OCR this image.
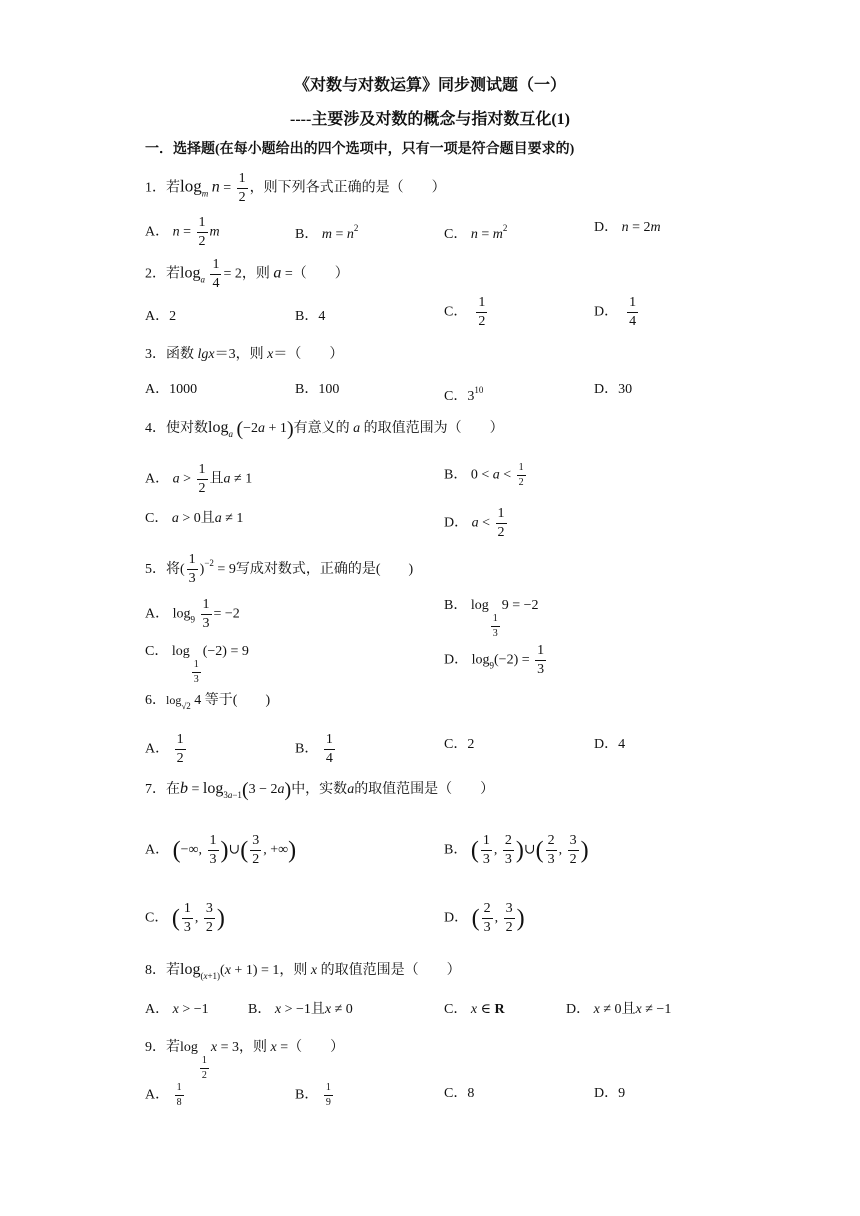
《对数与对数运算》同步测试题（一）
----主要涉及对数的概念与指对数互化(1)
一．选择题(在每小题给出的四个选项中，只有一项是符合题目要求的)
1．若$\log_m n = \frac{1}{2}$ ，则下列各式正确的是（　　）
A． $n = \frac{1}{2}$ m	B． $m = n^2$	C． $n = m^2$	D． n = 2m
2．若$\log_a \frac{1}{4} = 2$，则 a =（　　）
A．2	B．4	C． $\frac{1}{2}$	D． $\frac{1}{4}$
3．函数 lgx＝3，则 x＝（　　）
A．1000	B．100	C．$3^{10}$	D．30
4．使对数$\log_a (-2a + 1)$有意义的 a 的取值范围为（　　）
A． $a > \frac{1}{2}$ 且a ≠ 1	B． $0 < a < \frac{1}{2}$
C． a > 0且a ≠ 1	D． $a < \frac{1}{2}$
5．将( $\frac{1}{3} )^{-2} = 9$写成对数式，正确的是(　　)
A． $\log_9 \frac{1}{3} = -2$
B． log
$\frac{1}{3}$
9 = −2
C． log
$\frac{1}{3}$
(−2) = 9
D． $\log_9(-2) = \frac{1}{3}$
6．$\log_{√2} 4$ 等于(　　)
A． $\frac{1}{2}$	B． $\frac{1}{4}$	C．2	D．4
7．在$b = \log_{3a-1}(3 - 2a)$中，实数a的取值范围是（　　）
A． (−∞, $\frac{1}{3}$ )∪( $\frac{3}{2}$ , +∞)	B． ( $\frac{1}{3}$ , $\frac{2}{3}$ )∪( $\frac{2}{3}$ , $\frac{3}{2}$ )
C． ( $\frac{1}{3}$ , $\frac{3}{2}$ )	D． ( $\frac{2}{3}$ , $\frac{3}{2}$ )
8．若$\log_{(x+1)}(x + 1) = 1$，则 x 的取值范围是（　　）
A． x > −1	B． x > −1且x ≠ 0	C． x ∈ R	D． x ≠ 0且x ≠ −1
9．若log
$\frac{1}{2}$
x = 3，则 x =（　　）
A． $\frac{1}{8}$	B． $\frac{1}{9}$	C．8	D．9
